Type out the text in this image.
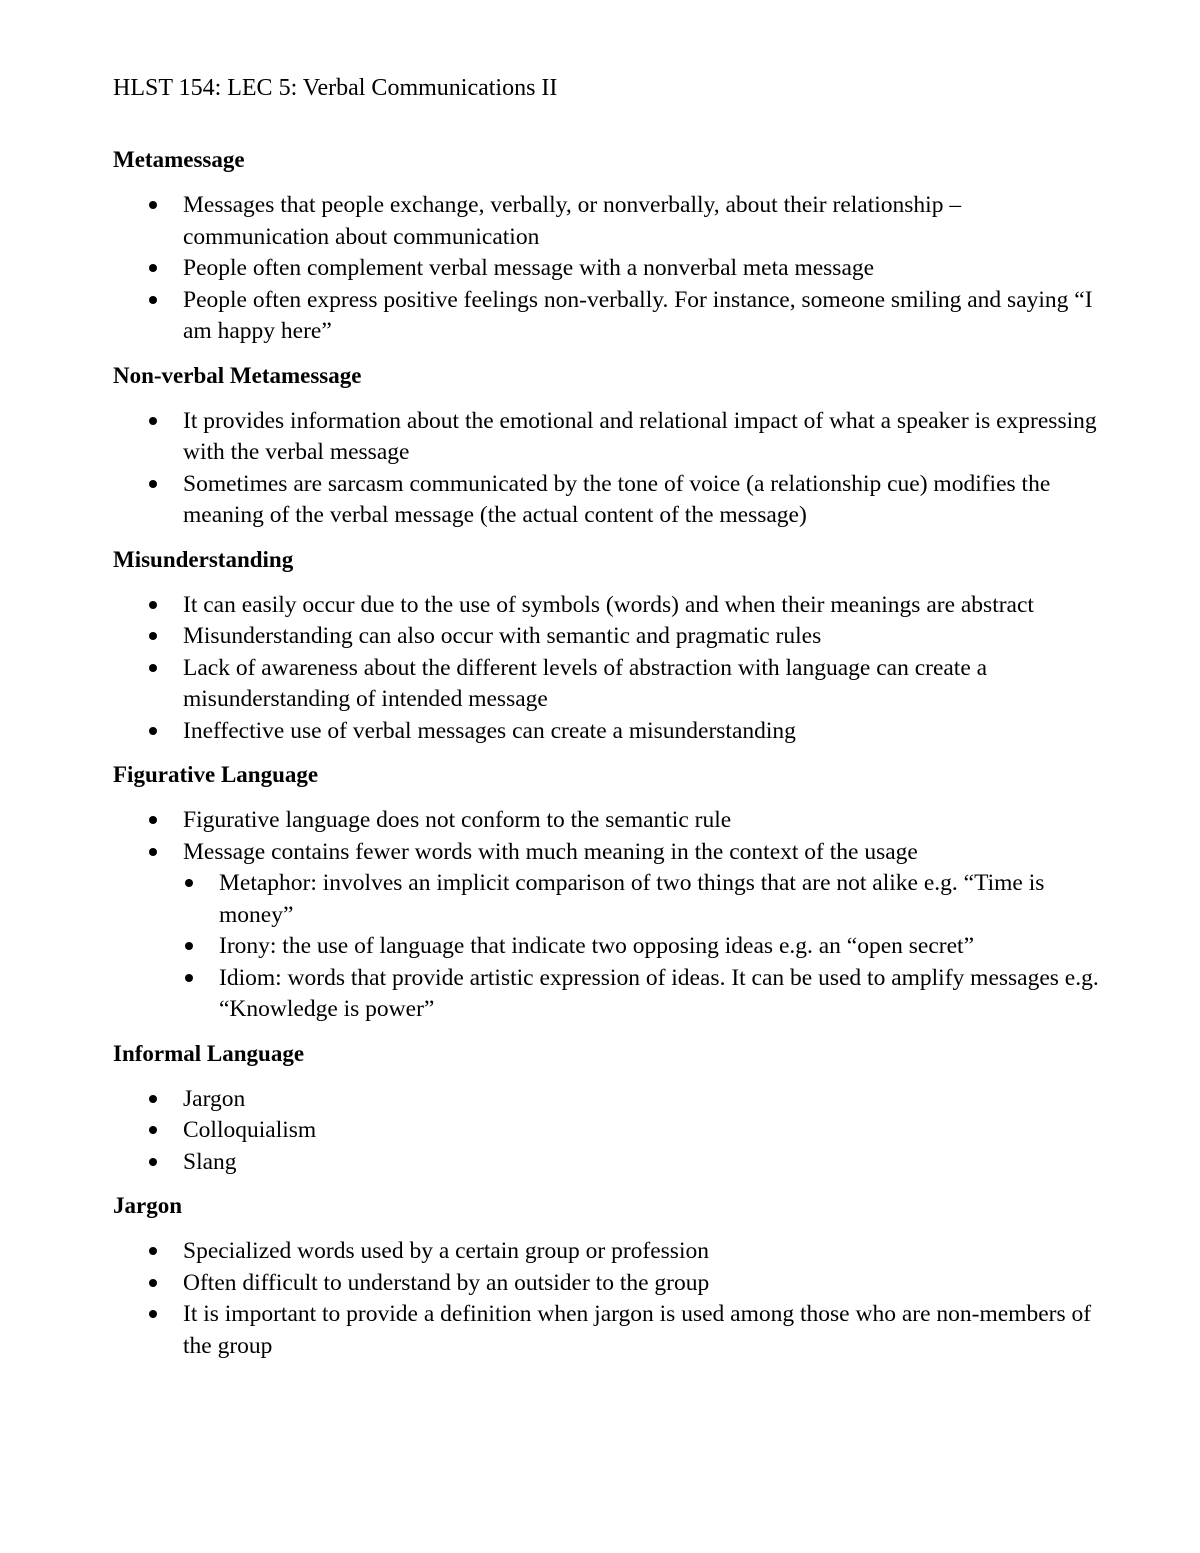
HLST 154: LEC 5: Verbal Communications II
Metamessage
Messages that people exchange, verbally, or nonverbally, about their relationship – communication about communication
People often complement verbal message with a nonverbal meta message
People often express positive feelings non-verbally. For instance, someone smiling and saying “I am happy here”
Non-verbal Metamessage
It provides information about the emotional and relational impact of what a speaker is expressing with the verbal message
Sometimes are sarcasm communicated by the tone of voice (a relationship cue) modifies the meaning of the verbal message (the actual content of the message)
Misunderstanding
It can easily occur due to the use of symbols (words) and when their meanings are abstract
Misunderstanding can also occur with semantic and pragmatic rules
Lack of awareness about the different levels of abstraction with language can create a misunderstanding of intended message
Ineffective use of verbal messages can create a misunderstanding
Figurative Language
Figurative language does not conform to the semantic rule
Message contains fewer words with much meaning in the context of the usage
Metaphor: involves an implicit comparison of two things that are not alike e.g. “Time is money”
Irony: the use of language that indicate two opposing ideas e.g. an “open secret”
Idiom: words that provide artistic expression of ideas. It can be used to amplify messages e.g. “Knowledge is power”
Informal Language
Jargon
Colloquialism
Slang
Jargon
Specialized words used by a certain group or profession
Often difficult to understand by an outsider to the group
It is important to provide a definition when jargon is used among those who are non-members of the group
